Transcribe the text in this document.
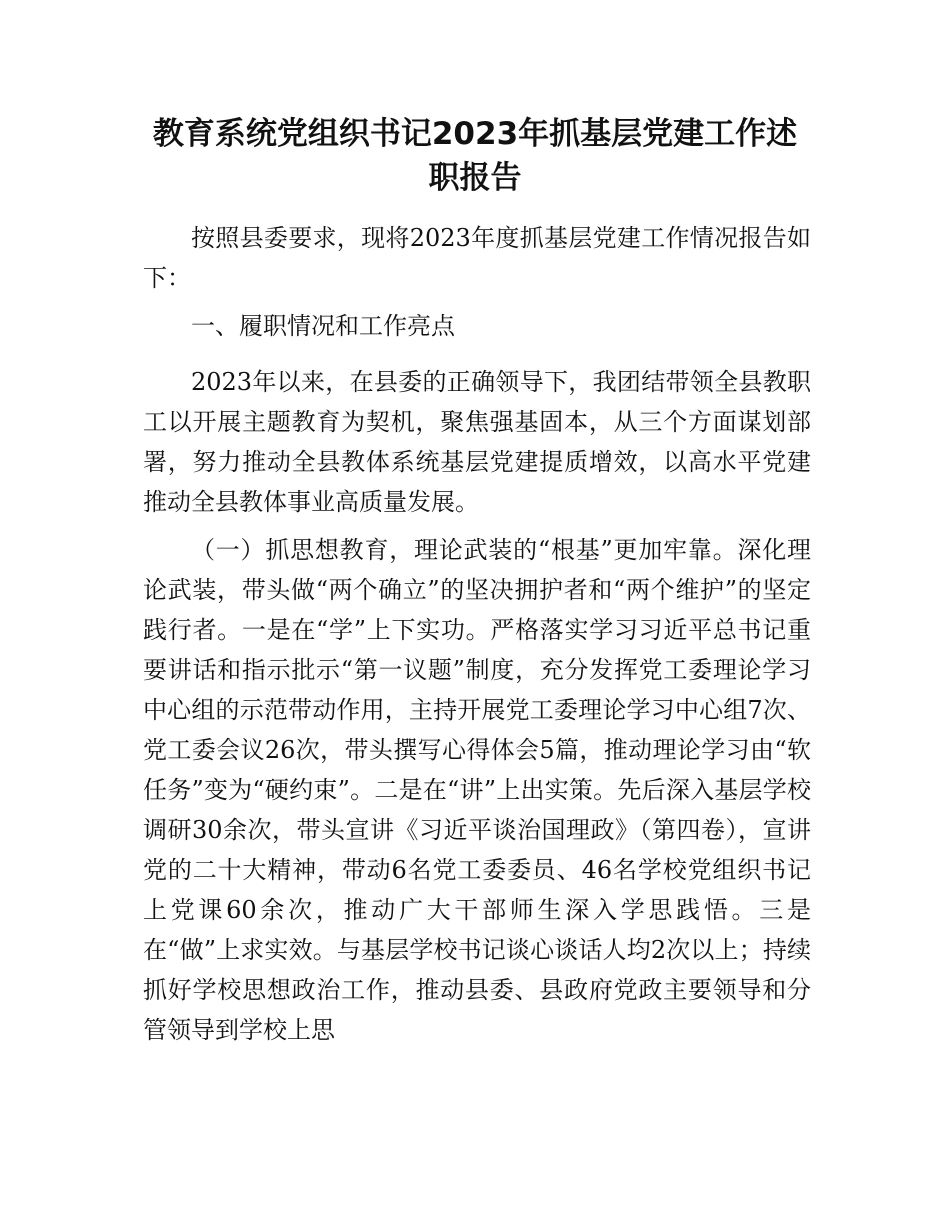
教育系统党组织书记2023年抓基层党建工作述职报告

按照县委要求，现将2023年度抓基层党建工作情况报告如下：

一、履职情况和工作亮点

2023年以来，在县委的正确领导下，我团结带领全县教职工以开展主题教育为契机，聚焦强基固本，从三个方面谋划部署，努力推动全县教体系统基层党建提质增效，以高水平党建推动全县教体事业高质量发展。

（一）抓思想教育，理论武装的“根基”更加牢靠。深化理论武装，带头做“两个确立”的坚决拥护者和“两个维护”的坚定践行者。一是在“学”上下实功。严格落实学习习近平总书记重要讲话和指示批示“第一议题”制度，充分发挥党工委理论学习中心组的示范带动作用，主持开展党工委理论学习中心组7次、党工委会议26次，带头撰写心得体会5篇，推动理论学习由“软任务”变为“硬约束”。二是在“讲”上出实策。先后深入基层学校调研30余次，带头宣讲《习近平谈治国理政》（第四卷），宣讲党的二十大精神，带动6名党工委委员、46名学校党组织书记上党课60余次，推动广大干部师生深入学思践悟。三是在“做”上求实效。与基层学校书记谈心谈话人均2次以上；持续抓好学校思想政治工作，推动县委、县政府党政主要领导和分管领导到学校上思
